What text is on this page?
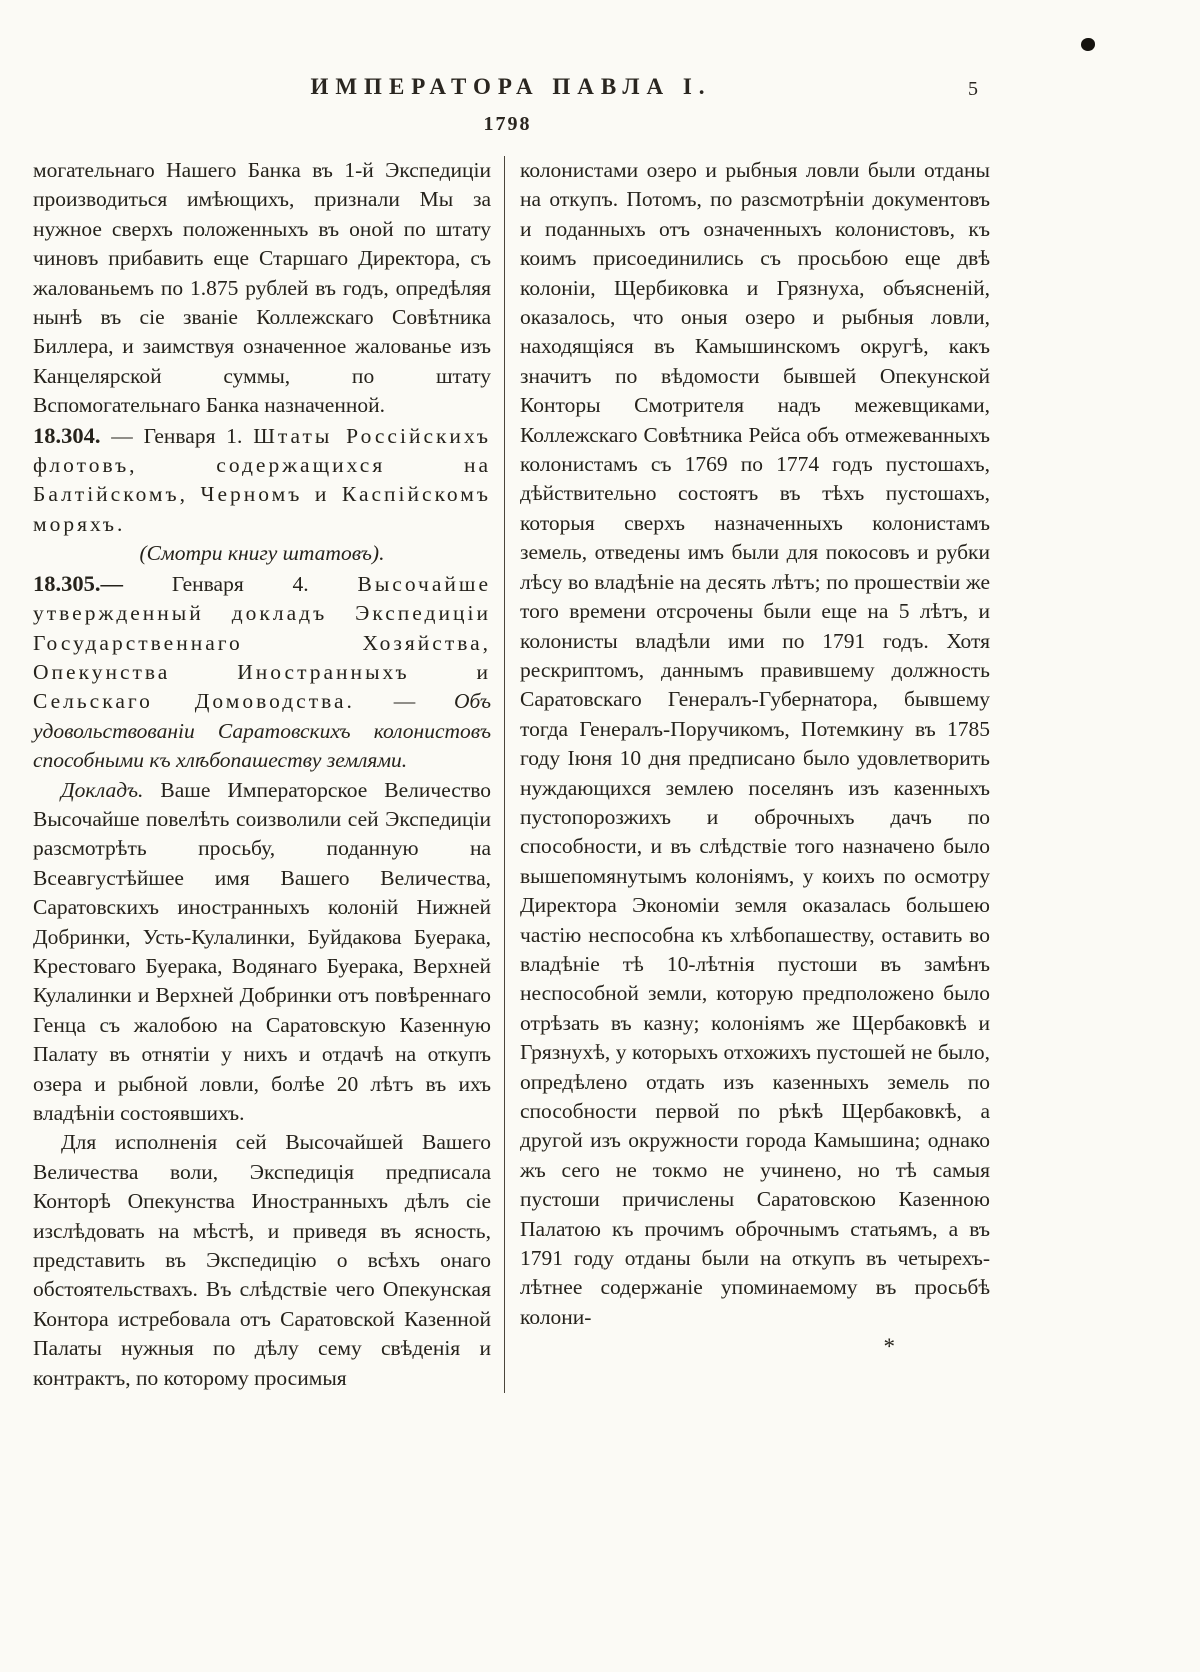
ИМПЕРАТОРА ПАВЛА I.	5
1798

могательнаго Нашего Банка въ 1-й Экспедиціи производиться имѣющихъ, признали Мы за нужное сверхъ положенныхъ въ оной по штату чиновъ прибавить еще Старшаго Директора, съ жалованьемъ по 1.875 рублей въ годъ, опредѣляя нынѣ въ сіе званіе Коллежскаго Совѣтника Биллера, и заимствуя означенное жалованье изъ Канцелярской суммы, по штату Вспомогательнаго Банка назначенной.

18.304. — Генваря 1. Штаты Россійскихъ флотовъ, содержащихся на Балтійскомъ, Черномъ и Каспійскомъ моряхъ.

(Смотри книгу штатовъ).

18.305.— Генваря 4. Высочайше утвержденный докладъ Экспедиціи Государственнаго Хозяйства, Опекунства Иностранныхъ и Сельскаго Домоводства. — Объ удовольствованіи Саратовскихъ колонистовъ способными къ хлѣбопашеству землями.

Докладъ. Ваше Императорское Величество Высочайше повелѣть соизволили сей Экспедиціи разсмотрѣть просьбу, поданную на Всеавгустѣйшее имя Вашего Величества, Саратовскихъ иностранныхъ колоній Нижней Добринки, Усть-Кулалинки, Буйдакова Буерака, Крестоваго Буерака, Водянаго Буерака, Верхней Кулалинки и Верхней Добринки отъ повѣреннаго Генца съ жалобою на Саратовскую Казенную Палату въ отнятіи у нихъ и отдачѣ на откупъ озера и рыбной ловли, болѣе 20 лѣтъ въ ихъ владѣніи состоявшихъ.

Для исполненія сей Высочайшей Вашего Величества воли, Экспедиція предписала Конторѣ Опекунства Иностранныхъ дѣлъ сіе изслѣдовать на мѣстѣ, и приведя въ ясность, представить въ Экспедицію о всѣхъ онаго обстоятельствахъ. Въ слѣдствіе чего Опекунская Контора истребовала отъ Саратовской Казенной Палаты нужныя по дѣлу сему свѣденія и контрактъ, по которому просимыя

колонистами озеро и рыбныя ловли были отданы на откупъ. Потомъ, по разсмотрѣніи документовъ и поданныхъ отъ означенныхъ колонистовъ, къ коимъ присоединились съ просьбою еще двѣ колоніи, Щербиковка и Грязнуха, объясненій, оказалось, что оныя озеро и рыбныя ловли, находящіяся въ Камышинскомъ округѣ, какъ значитъ по вѣдомости бывшей Опекунской Конторы Смотрителя надъ межевщиками, Коллежскаго Совѣтника Рейса объ отмежеванныхъ колонистамъ съ 1769 по 1774 годъ пустошахъ, дѣйствительно состоятъ въ тѣхъ пустошахъ, которыя сверхъ назначенныхъ колонистамъ земель, отведены имъ были для покосовъ и рубки лѣсу во владѣніе на десять лѣтъ; по прошествіи же того времени отсрочены были еще на 5 лѣтъ, и колонисты владѣли ими по 1791 годъ. Хотя рескриптомъ, даннымъ правившему должность Саратовскаго Генералъ-Губернатора, бывшему тогда Генералъ-Поручикомъ, Потемкину въ 1785 году Іюня 10 дня предписано было удовлетворить нуждающихся землею поселянъ изъ казенныхъ пустопорозжихъ и оброчныхъ дачъ по способности, и въ слѣдствіе того назначено было вышепомянутымъ колоніямъ, у коихъ по осмотру Директора Экономіи земля оказалась большею частію неспособна къ хлѣбопашеству, оставить во владѣніе тѣ 10-лѣтнія пустоши въ замѣнъ неспособной земли, которую предположено было отрѣзать въ казну; колоніямъ же Щербаковкѣ и Грязнухѣ, у которыхъ отхожихъ пустошей не было, опредѣлено отдать изъ казенныхъ земель по способности первой по рѣкѣ Щербаковкѣ, а другой изъ окружности города Камышина; однако жъ сего не токмо не учинено, но тѣ самыя пустоши причислены Саратовскою Казенною Палатою къ прочимъ оброчнымъ статьямъ, а въ 1791 году отданы были на откупъ въ четырехъ-лѣтнее содержаніе упоминаемому въ просьбѣ колони-

*
